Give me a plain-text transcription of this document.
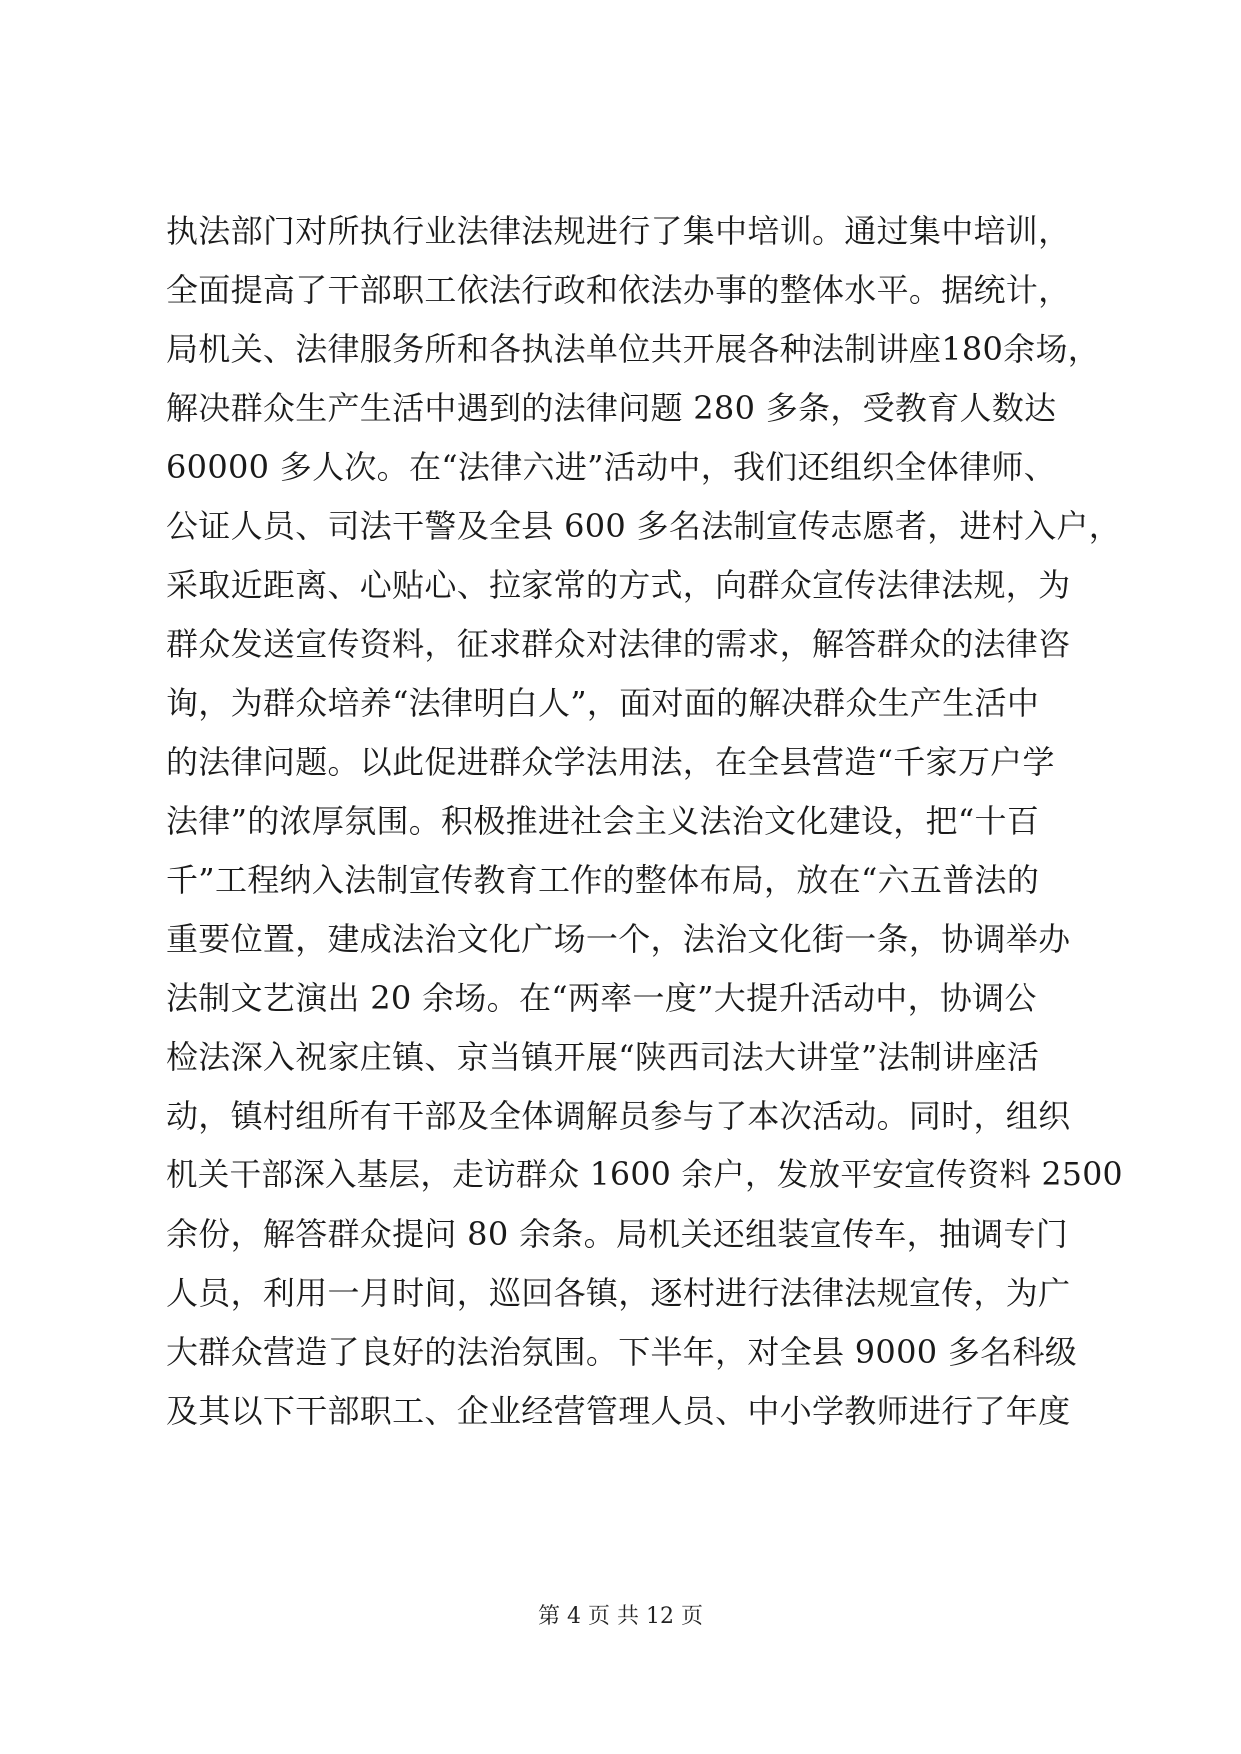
执法部门对所执行业法律法规进行了集中培训。通过集中培训，
全面提高了干部职工依法行政和依法办事的整体水平。据统计，
局机关、法律服务所和各执法单位共开展各种法制讲座180余场，
解决群众生产生活中遇到的法律问题 280 多条，受教育人数达
60000 多人次。在“法律六进”活动中，我们还组织全体律师、
公证人员、司法干警及全县 600 多名法制宣传志愿者，进村入户，
采取近距离、心贴心、拉家常的方式，向群众宣传法律法规，为
群众发送宣传资料，征求群众对法律的需求，解答群众的法律咨
询，为群众培养“法律明白人”，面对面的解决群众生产生活中
的法律问题。以此促进群众学法用法，在全县营造“千家万户学
法律”的浓厚氛围。积极推进社会主义法治文化建设，把“十百
千”工程纳入法制宣传教育工作的整体布局，放在“六五普法的
重要位置，建成法治文化广场一个，法治文化街一条，协调举办
法制文艺演出 20 余场。在“两率一度”大提升活动中，协调公
检法深入祝家庄镇、京当镇开展“陕西司法大讲堂”法制讲座活
动，镇村组所有干部及全体调解员参与了本次活动。同时，组织
机关干部深入基层，走访群众 1600 余户，发放平安宣传资料 2500
余份，解答群众提问 80 余条。局机关还组装宣传车，抽调专门
人员，利用一月时间，巡回各镇，逐村进行法律法规宣传，为广
大群众营造了良好的法治氛围。下半年，对全县 9000 多名科级
及其以下干部职工、企业经营管理人员、中小学教师进行了年度
第 4 页 共 12 页
